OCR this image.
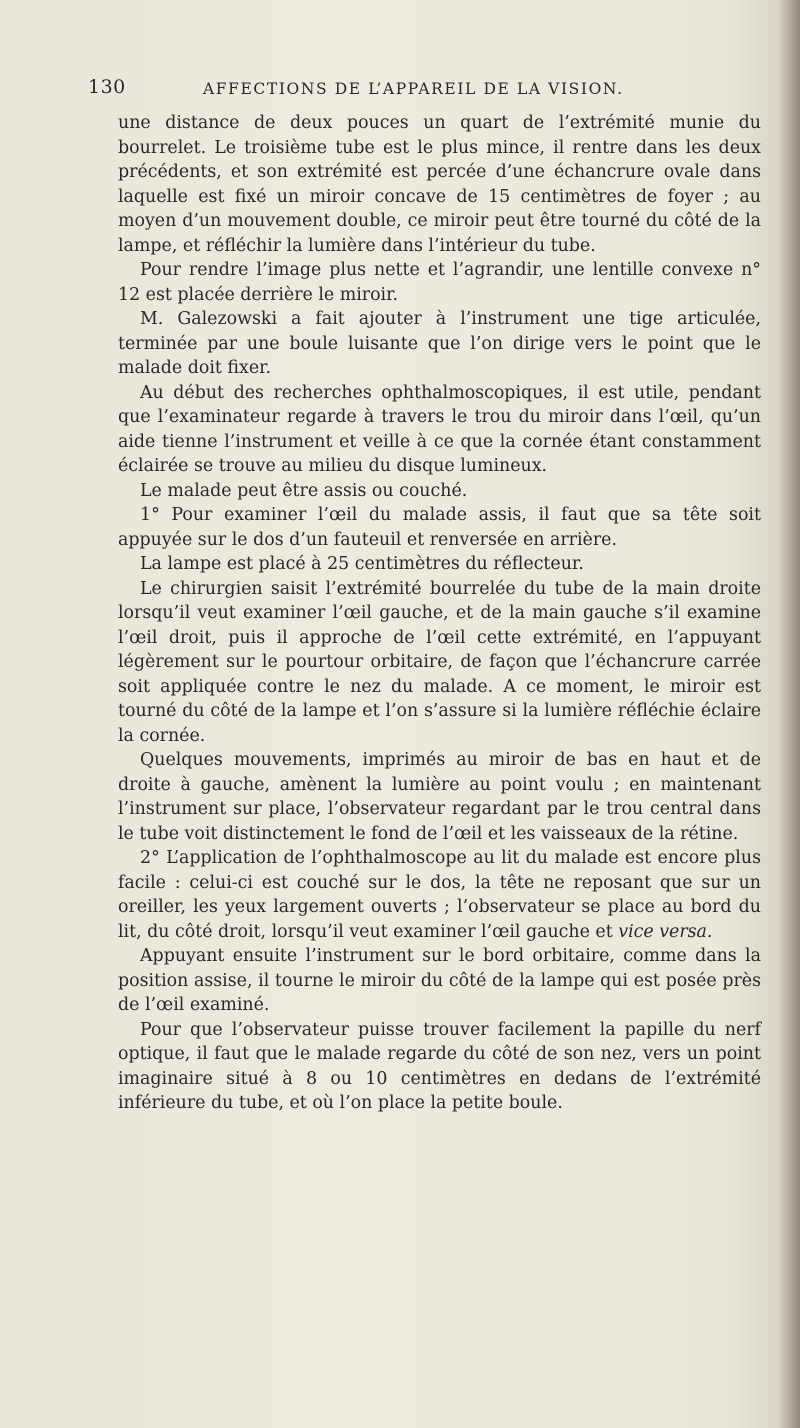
130	AFFECTIONS DE L’APPAREIL DE LA VISION.

une distance de deux pouces un quart de l’extrémité munie du bourrelet. Le troisième tube est le plus mince, il rentre dans les deux précédents, et son extrémité est percée d’une échancrure ovale dans laquelle est fixé un miroir concave de 15 centimètres de foyer ; au moyen d’un mouvement double, ce miroir peut être tourné du côté de la lampe, et réfléchir la lumière dans l’intérieur du tube.

Pour rendre l’image plus nette et l’agrandir, une lentille convexe n° 12 est placée derrière le miroir.

M. Galezowski a fait ajouter à l’instrument une tige articulée, terminée par une boule luisante que l’on dirige vers le point que le malade doit fixer.

Au début des recherches ophthalmoscopiques, il est utile, pendant que l’examinateur regarde à travers le trou du miroir dans l’œil, qu’un aide tienne l’instrument et veille à ce que la cornée étant constamment éclairée se trouve au milieu du disque lumineux.

Le malade peut être assis ou couché.

1° Pour examiner l’œil du malade assis, il faut que sa tête soit appuyée sur le dos d’un fauteuil et renversée en arrière.

La lampe est placé à 25 centimètres du réflecteur.

Le chirurgien saisit l’extrémité bourrelée du tube de la main droite lorsqu’il veut examiner l’œil gauche, et de la main gauche s’il examine l’œil droit, puis il approche de l’œil cette extrémité, en l’appuyant légèrement sur le pourtour orbitaire, de façon que l’échancrure carrée soit appliquée contre le nez du malade. A ce moment, le miroir est tourné du côté de la lampe et l’on s’assure si la lumière réfléchie éclaire la cornée.

Quelques mouvements, imprimés au miroir de bas en haut et de droite à gauche, amènent la lumière au point voulu ; en maintenant l’instrument sur place, l’observateur regardant par le trou central dans le tube voit distinctement le fond de l’œil et les vaisseaux de la rétine.

2° L’application de l’ophthalmoscope au lit du malade est encore plus facile : celui-ci est couché sur le dos, la tête ne reposant que sur un oreiller, les yeux largement ouverts ; l’observateur se place au bord du lit, du côté droit, lorsqu’il veut examiner l’œil gauche et vice versa.

Appuyant ensuite l’instrument sur le bord orbitaire, comme dans la position assise, il tourne le miroir du côté de la lampe qui est posée près de l’œil examiné.

Pour que l’observateur puisse trouver facilement la papille du nerf optique, il faut que le malade regarde du côté de son nez, vers un point imaginaire situé à 8 ou 10 centimètres en dedans de l’extrémité inférieure du tube, et où l’on place la petite boule.
